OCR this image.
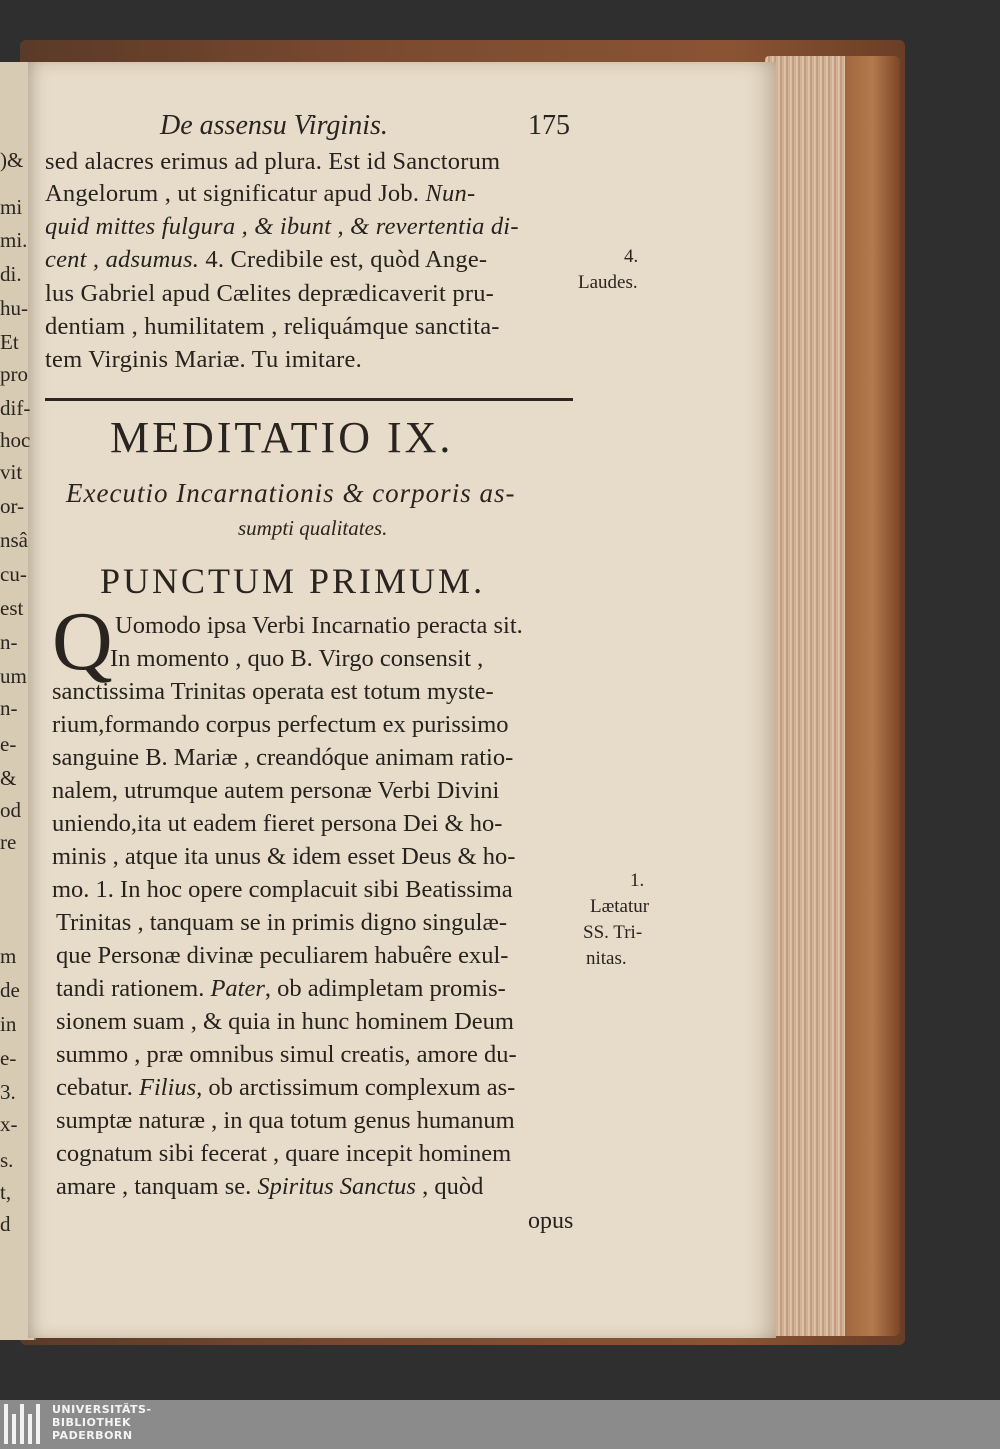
De assensu Virginis.	175
sed alacres erimus ad plura. Est id Sanctorum
Angelorum , ut significatur apud Job. Nun-
quid mittes fulgura , & ibunt , & revertentia di-
cent , adsumus. 4. Credibile est, quòd Ange-
lus Gabriel apud Cælites deprædicaverit pru-
dentiam , humilitatem , reliquámque sanctita-
tem Virginis Mariæ. Tu imitare.
4.
Laudes.
MEDITATIO IX.
Executio Incarnationis & corporis as-
sumpti qualitates.
PUNCTUM PRIMUM.
Q Uomodo ipsa Verbi Incarnatio peracta sit.
In momento , quo B. Virgo consensit ,
sanctissima Trinitas operata est totum myste-
rium,formando corpus perfectum ex purissimo
sanguine B. Mariæ , creandóque animam ratio-
nalem, utrumque autem personæ Verbi Divini
uniendo,ita ut eadem fieret persona Dei & ho-
minis , atque ita unus & idem esset Deus & ho-
mo. 1. In hoc opere complacuit sibi Beatissima
Trinitas , tanquam se in primis digno singulæ-
que Personæ divinæ peculiarem habuêre exul-
tandi rationem. Pater, ob adimpletam promis-
sionem suam , & quia in hunc hominem Deum
summo , præ omnibus simul creatis, amore du-
cebatur. Filius, ob arctissimum complexum as-
sumptæ naturæ , in qua totum genus humanum
cognatum sibi fecerat , quare incepit hominem
amare , tanquam se. Spiritus Sanctus , quòd
opus
1.
Lætatur
SS. Tri-
nitas.
)&
mi
mi.
di.
hu-
Et
pro
dif-
hoc
vit
or-
nsâ
cu-
est
n-
um
n-
e-
&
od
re
m
de
in
e-
3.
x-
s.
t,
d
UNIVERSITÄTS-
BIBLIOTHEK
PADERBORN
